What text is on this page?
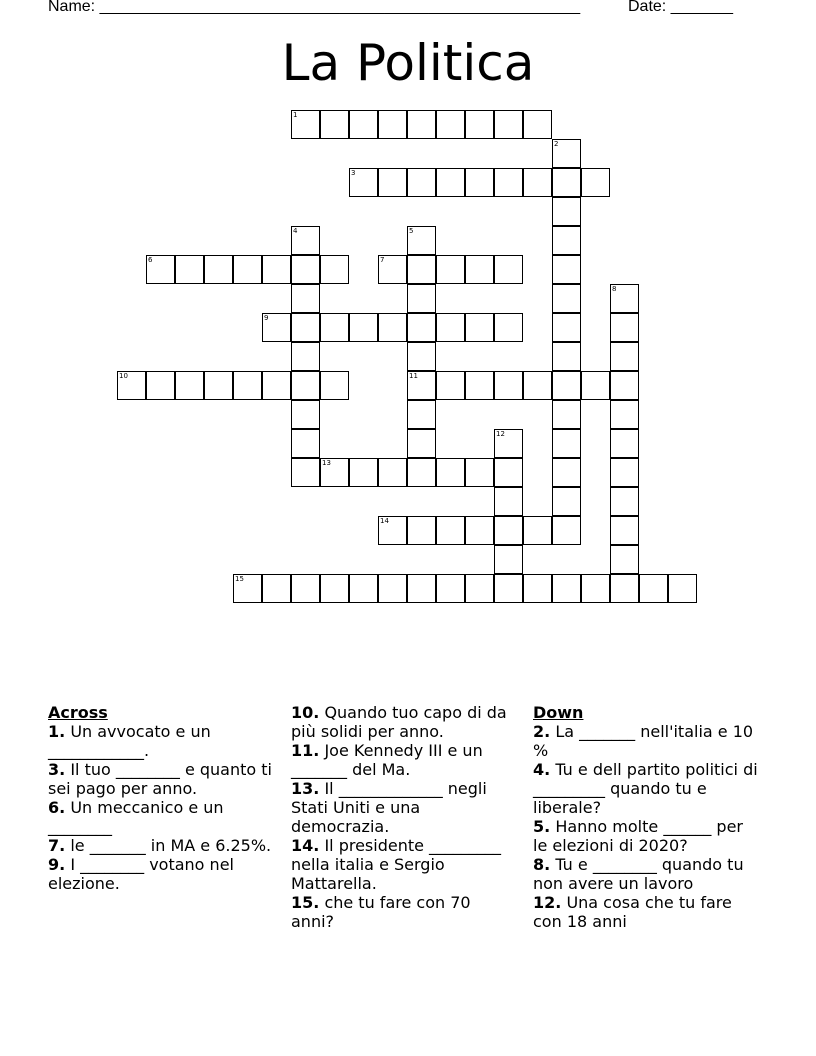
Name: ______________________________________________________	Date: _______
La Politica
1
2
3
4	5
11
6	7
8
9
10
12
13
14
15
Across

1. Un avvocato e un ____________.

3. Il tuo ________ e quanto ti sei pago per anno.

6. Un meccanico e un ________

7. le _______ in MA e 6.25%.

9. I ________ votano nel elezione.

10. Quando tuo capo di da più solidi per anno.

11. Joe Kennedy III e un _______ del Ma.

13. Il _____________ negli Stati Uniti e una democrazia.

14. Il presidente _________ nella italia e Sergio Mattarella.

15. che tu fare con 70 anni?

Down

2. La _______ nell'italia e 10 %

4. Tu e dell partito politici di _________ quando tu e liberale?

5. Hanno molte ______ per le elezioni di 2020?

8. Tu e ________ quando tu non avere un lavoro

12. Una cosa che tu fare con 18 anni
